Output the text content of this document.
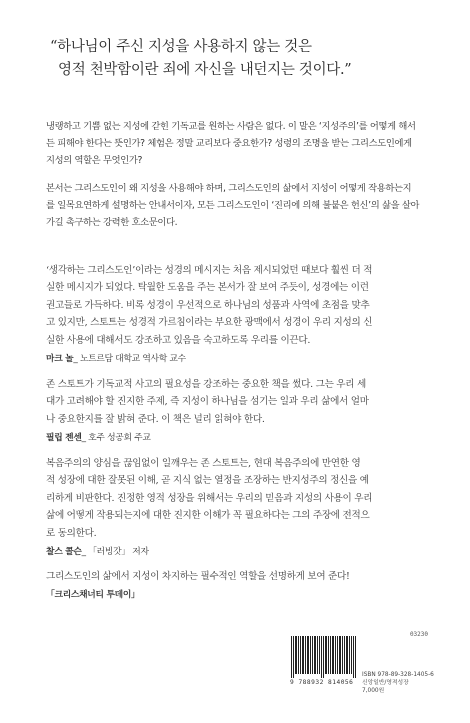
“하나님이 주신 지성을 사용하지 않는 것은
영적 천박함이란 죄에 자신을 내던지는 것이다.”
냉랭하고 기쁨 없는 지성에 갇힌 기독교를 원하는 사람은 없다. 이 말은 ‘지성주의’를 어떻게 해서
든 피해야 한다는 뜻인가? 체험은 정말 교리보다 중요한가? 성령의 조명을 받는 그리스도인에게
지성의 역할은 무엇인가?
본서는 그리스도인이 왜 지성을 사용해야 하며, 그리스도인의 삶에서 지성이 어떻게 작용하는지
를 일목요연하게 설명하는 안내서이자, 모든 그리스도인이 ‘진리에 의해 불붙은 헌신’의 삶을 살아
가길 촉구하는 강력한 호소문이다.
‘생각하는 그리스도인’이라는 성경의 메시지는 처음 제시되었던 때보다 훨씬 더 적
실한 메시지가 되었다. 탁월한 도움을 주는 본서가 잘 보여 주듯이, 성경에는 이런
권고들로 가득하다. 비록 성경이 우선적으로 하나님의 성품과 사역에 초점을 맞추
고 있지만, 스토트는 성경적 가르침이라는 부요한 광맥에서 성경이 우리 지성의 신
실한 사용에 대해서도 강조하고 있음을 숙고하도록 우리를 이끈다.
마크 놀_ 노트르담 대학교 역사학 교수
존 스토트가 기독교적 사고의 필요성을 강조하는 중요한 책을 썼다. 그는 우리 세
대가 고려해야 할 진지한 주제, 즉 지성이 하나님을 섬기는 일과 우리 삶에서 얼마
나 중요한지를 잘 밝혀 준다. 이 책은 널리 읽혀야 한다.
필립 젠센_ 호주 성공회 주교
복음주의의 양심을 끊임없이 일깨우는 존 스토트는, 현대 복음주의에 만연한 영
적 성장에 대한 잘못된 이해, 곧 지식 없는 열정을 조장하는 반지성주의 정신을 예
리하게 비판한다. 진정한 영적 성장을 위해서는 우리의 믿음과 지성의 사용이 우리
삶에 어떻게 작용되는지에 대한 진지한 이해가 꼭 필요하다는 그의 주장에 전적으
로 동의한다.
찰스 콜슨_ 「러빙갓」 저자
그리스도인의 삶에서 지성이 차지하는 필수적인 역할을 선명하게 보여 준다!
「크리스채너티 투데이」
03230
9 788932 814056
ISBN 978-89-328-1405-6
신앙일반/영적성장
7,000원
